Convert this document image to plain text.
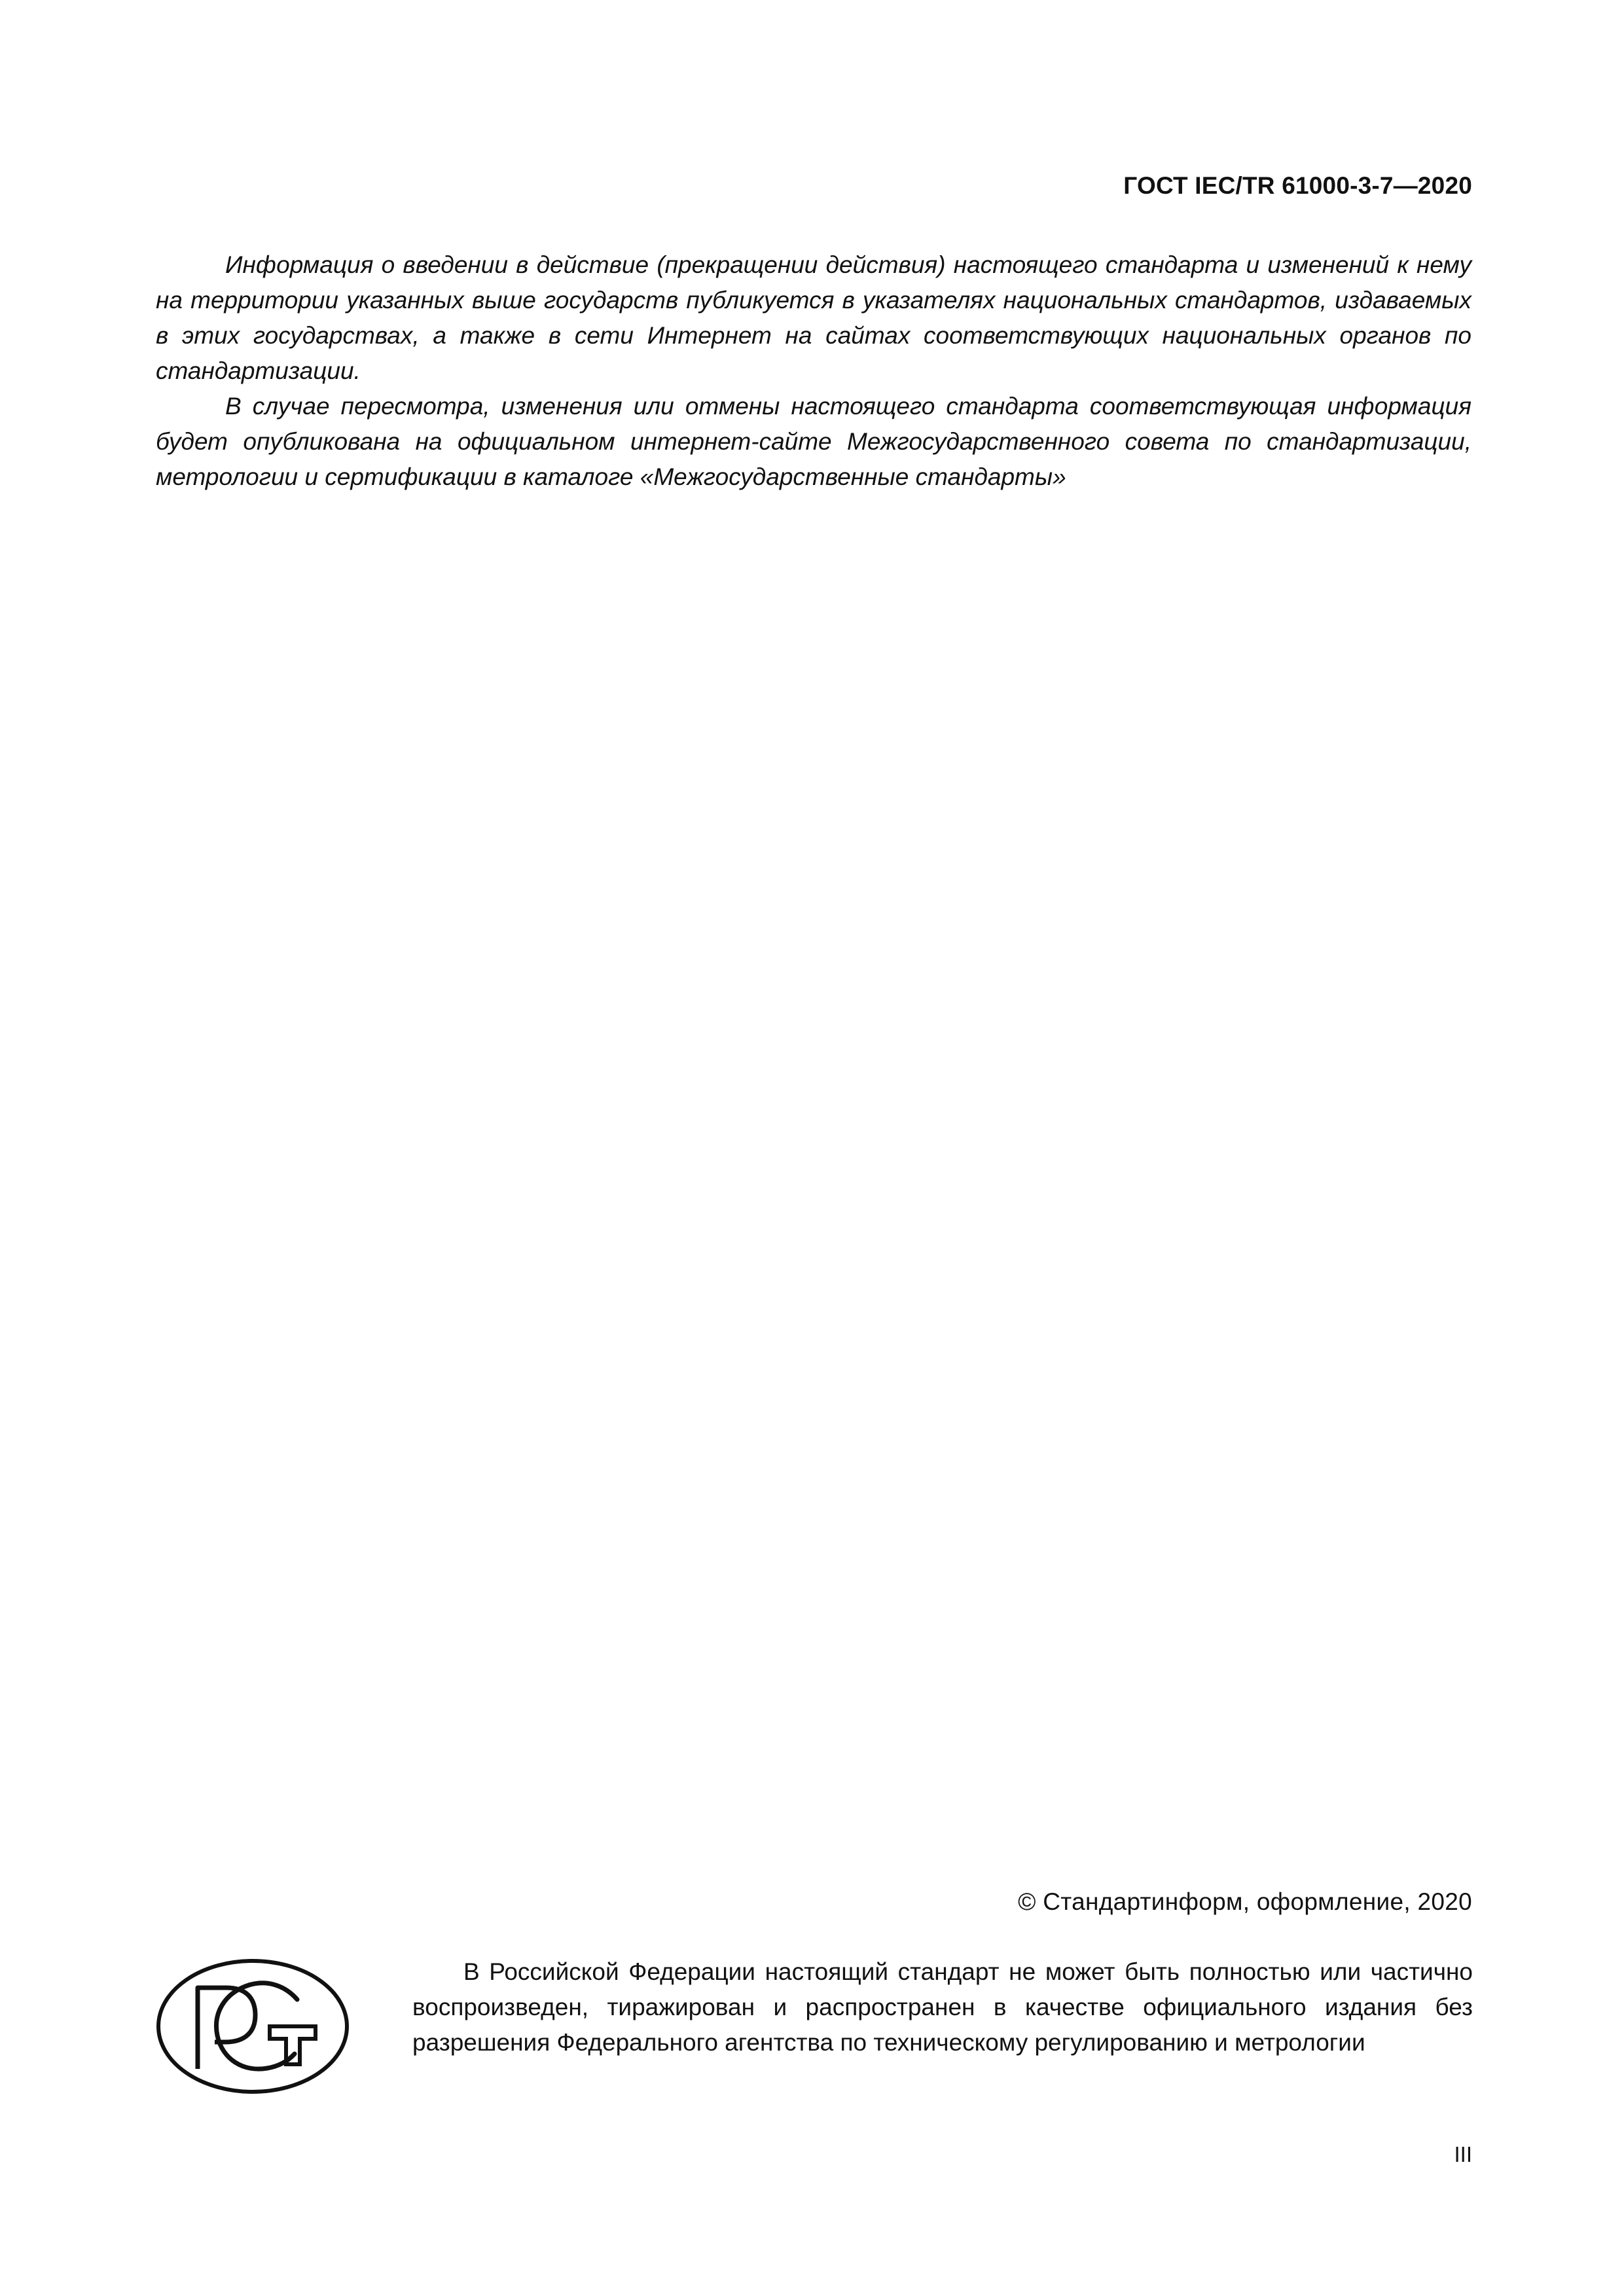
ГОСТ IEC/TR 61000-3-7—2020

Информация о введении в действие (прекращении действия) настоящего стандарта и изменений к нему на территории указанных выше государств публикуется в указателях национальных стандартов, издаваемых в этих государствах, а также в сети Интернет на сайтах соответствующих национальных органов по стандартизации.

В случае пересмотра, изменения или отмены настоящего стандарта соответствующая информация будет опубликована на официальном интернет-сайте Межгосударственного совета по стандартизации, метрологии и сертификации в каталоге «Межгосударственные стандарты»

© Стандартинформ, оформление, 2020

В Российской Федерации настоящий стандарт не может быть полностью или частично воспроизведен, тиражирован и распространен в качестве официального издания без разрешения Федерального агентства по техническому регулированию и метрологии

III
